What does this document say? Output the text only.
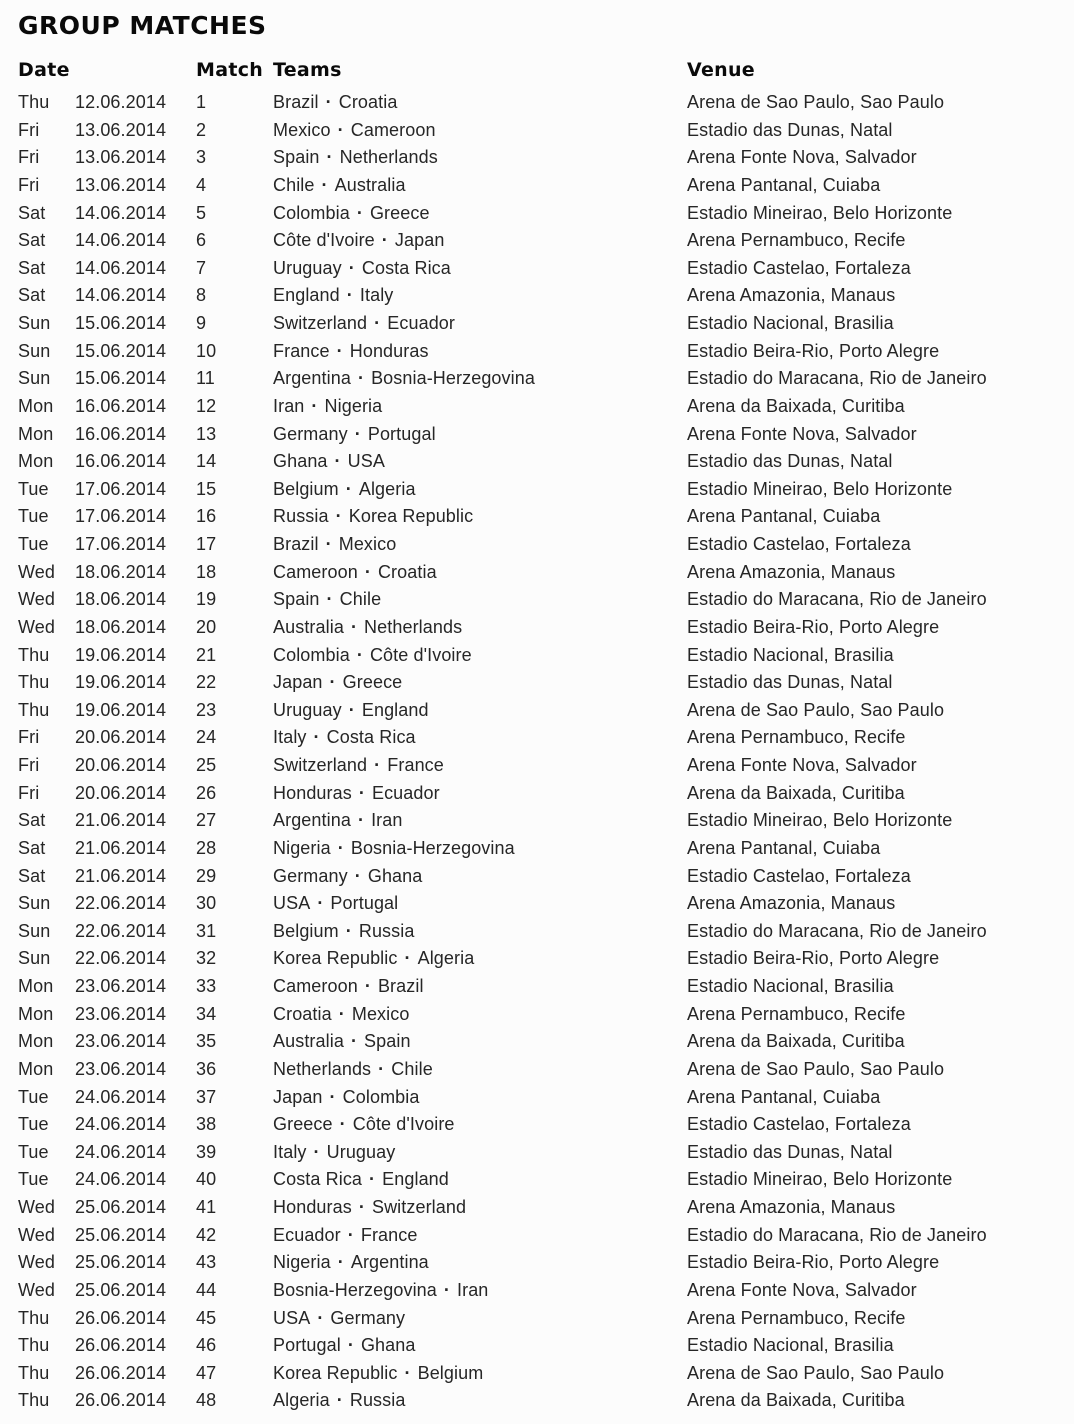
GROUP MATCHES
Date	Match Teams	Venue
Thu	12.06.2014	1	Brazil · Croatia	Arena de Sao Paulo, Sao Paulo
Fri	13.06.2014	2	Mexico · Cameroon	Estadio das Dunas, Natal
Fri	13.06.2014	3	Spain · Netherlands	Arena Fonte Nova, Salvador
Fri	13.06.2014	4	Chile · Australia	Arena Pantanal, Cuiaba
Sat	14.06.2014	5	Colombia · Greece	Estadio Mineirao, Belo Horizonte
Sat	14.06.2014	6	Côte d'Ivoire · Japan	Arena Pernambuco, Recife
Sat	14.06.2014	7	Uruguay · Costa Rica	Estadio Castelao, Fortaleza
Sat	14.06.2014	8	England · Italy	Arena Amazonia, Manaus
Sun	15.06.2014	9	Switzerland · Ecuador	Estadio Nacional, Brasilia
Sun	15.06.2014	10	France · Honduras	Estadio Beira-Rio, Porto Alegre
Sun	15.06.2014	11	Argentina · Bosnia-Herzegovina	Estadio do Maracana, Rio de Janeiro
Mon	16.06.2014	12	Iran · Nigeria	Arena da Baixada, Curitiba
Mon	16.06.2014	13	Germany · Portugal	Arena Fonte Nova, Salvador
Mon	16.06.2014	14	Ghana · USA	Estadio das Dunas, Natal
Tue	17.06.2014	15	Belgium · Algeria	Estadio Mineirao, Belo Horizonte
Tue	17.06.2014	16	Russia · Korea Republic	Arena Pantanal, Cuiaba
Tue	17.06.2014	17	Brazil · Mexico	Estadio Castelao, Fortaleza
Wed	18.06.2014	18	Cameroon · Croatia	Arena Amazonia, Manaus
Wed	18.06.2014	19	Spain · Chile	Estadio do Maracana, Rio de Janeiro
Wed	18.06.2014	20	Australia · Netherlands	Estadio Beira-Rio, Porto Alegre
Thu	19.06.2014	21	Colombia · Côte d'Ivoire	Estadio Nacional, Brasilia
Thu	19.06.2014	22	Japan · Greece	Estadio das Dunas, Natal
Thu	19.06.2014	23	Uruguay · England	Arena de Sao Paulo, Sao Paulo
Fri	20.06.2014	24	Italy · Costa Rica	Arena Pernambuco, Recife
Fri	20.06.2014	25	Switzerland · France	Arena Fonte Nova, Salvador
Fri	20.06.2014	26	Honduras · Ecuador	Arena da Baixada, Curitiba
Sat	21.06.2014	27	Argentina · Iran	Estadio Mineirao, Belo Horizonte
Sat	21.06.2014	28	Nigeria · Bosnia-Herzegovina	Arena Pantanal, Cuiaba
Sat	21.06.2014	29	Germany · Ghana	Estadio Castelao, Fortaleza
Sun	22.06.2014	30	USA · Portugal	Arena Amazonia, Manaus
Sun	22.06.2014	31	Belgium · Russia	Estadio do Maracana, Rio de Janeiro
Sun	22.06.2014	32	Korea Republic · Algeria	Estadio Beira-Rio, Porto Alegre
Mon	23.06.2014	33	Cameroon · Brazil	Estadio Nacional, Brasilia
Mon	23.06.2014	34	Croatia · Mexico	Arena Pernambuco, Recife
Mon	23.06.2014	35	Australia · Spain	Arena da Baixada, Curitiba
Mon	23.06.2014	36	Netherlands · Chile	Arena de Sao Paulo, Sao Paulo
Tue	24.06.2014	37	Japan · Colombia	Arena Pantanal, Cuiaba
Tue	24.06.2014	38	Greece · Côte d'Ivoire	Estadio Castelao, Fortaleza
Tue	24.06.2014	39	Italy · Uruguay	Estadio das Dunas, Natal
Tue	24.06.2014	40	Costa Rica · England	Estadio Mineirao, Belo Horizonte
Wed	25.06.2014	41	Honduras · Switzerland	Arena Amazonia, Manaus
Wed	25.06.2014	42	Ecuador · France	Estadio do Maracana, Rio de Janeiro
Wed	25.06.2014	43	Nigeria · Argentina	Estadio Beira-Rio, Porto Alegre
Wed	25.06.2014	44	Bosnia-Herzegovina · Iran	Arena Fonte Nova, Salvador
Thu	26.06.2014	45	USA · Germany	Arena Pernambuco, Recife
Thu	26.06.2014	46	Portugal · Ghana	Estadio Nacional, Brasilia
Thu	26.06.2014	47	Korea Republic · Belgium	Arena de Sao Paulo, Sao Paulo
Thu	26.06.2014	48	Algeria · Russia	Arena da Baixada, Curitiba
